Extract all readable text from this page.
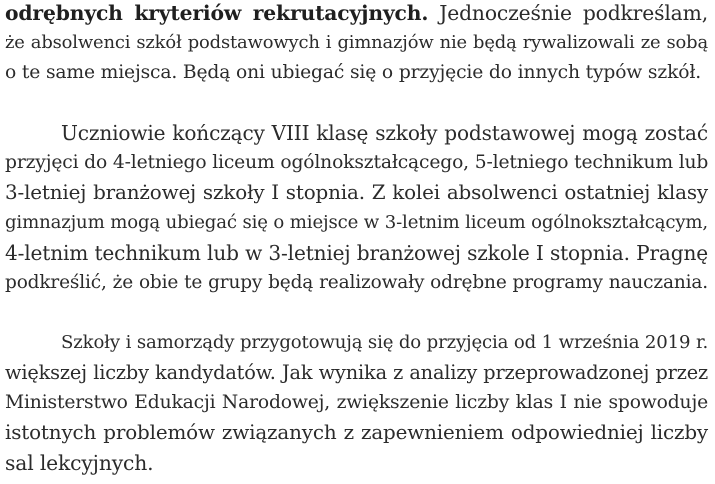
odrębnych kryteriów rekrutacyjnych. Jednocześnie podkreślam,
że absolwenci szkół podstawowych i gimnazjów nie będą rywalizowali ze sobą
o te same miejsca. Będą oni ubiegać się o przyjęcie do innych typów szkół.
Uczniowie kończący VIII klasę szkoły podstawowej mogą zostać
przyjęci do 4-letniego liceum ogólnokształcącego, 5-letniego technikum lub
3-letniej branżowej szkoły I stopnia. Z kolei absolwenci ostatniej klasy
gimnazjum mogą ubiegać się o miejsce w 3-letnim liceum ogólnokształcącym,
4-letnim technikum lub w 3-letniej branżowej szkole I stopnia. Pragnę
podkreślić, że obie te grupy będą realizowały odrębne programy nauczania.
Szkoły i samorządy przygotowują się do przyjęcia od 1 września 2019 r.
większej liczby kandydatów. Jak wynika z analizy przeprowadzonej przez
Ministerstwo Edukacji Narodowej, zwiększenie liczby klas I nie spowoduje
istotnych problemów związanych z zapewnieniem odpowiedniej liczby
sal lekcyjnych.
